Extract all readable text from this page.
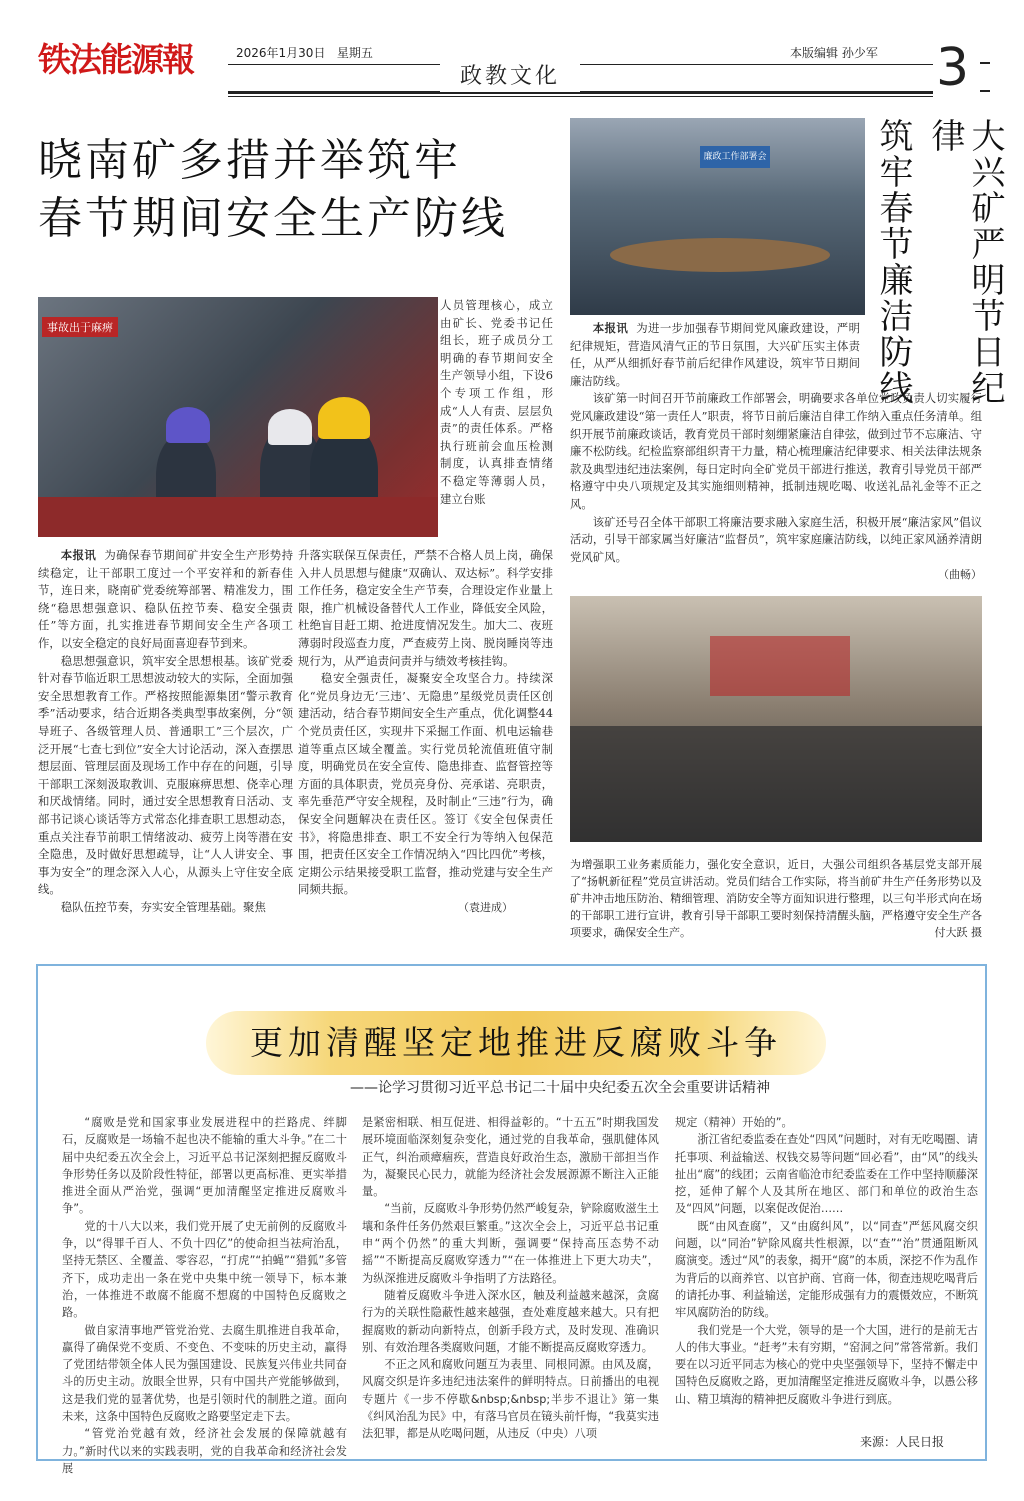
铁法能源報	2026年1月30日 星期五	本版编辑 孙少军
政教文化	3
晓南矿多措并举筑牢
春节期间安全生产防线
事故出于麻痹

人员管理核心，成立由矿长、党委书记任组长，班子成员分工明确的春节期间安全生产领导小组，下设6个专项工作组，形成“人人有责、层层负责”的责任体系。严格执行班前会血压检测制度，认真排查情绪不稳定等薄弱人员，建立台账

本报讯 为确保春节期间矿井安全生产形势持续稳定，让干部职工度过一个平安祥和的新春佳节，连日来，晓南矿党委统筹部署、精准发力，围绕“稳思想强意识、稳队伍控节奏、稳安全强责任”等方面，扎实推进春节期间安全生产各项工作，以安全稳定的良好局面喜迎春节到来。

稳思想强意识，筑牢安全思想根基。该矿党委针对春节临近职工思想波动较大的实际，全面加强安全思想教育工作。严格按照能源集团“警示教育季”活动要求，结合近期各类典型事故案例，分“领导班子、各级管理人员、普通职工”三个层次，广泛开展“七查七到位”安全大讨论活动，深入查摆思想层面、管理层面及现场工作中存在的问题，引导干部职工深刻汲取教训、克服麻痹思想、侥幸心理和厌战情绪。同时，通过安全思想教育日活动、支部书记谈心谈话等方式常态化排查职工思想动态，重点关注春节前职工情绪波动、疲劳上岗等潜在安全隐患，及时做好思想疏导，让“人人讲安全、事事为安全”的理念深入人心，从源头上守住安全底线。

稳队伍控节奏，夯实安全管理基础。聚焦

升落实联保互保责任，严禁不合格人员上岗，确保入井人员思想与健康“双确认、双达标”。科学安排工作任务，稳定安全生产节奏，合理设定作业量上限，推广机械设备替代人工作业，降低安全风险，杜绝盲目赶工期、抢进度情况发生。加大二、夜班薄弱时段巡查力度，严查疲劳上岗、脱岗睡岗等违规行为，从严追责问责并与绩效考核挂钩。

稳安全强责任，凝聚安全攻坚合力。持续深化“党员身边无‘三违’、无隐患”星级党员责任区创建活动，结合春节期间安全生产重点，优化调整44个党员责任区，实现井下采掘工作面、机电运输巷道等重点区域全覆盖。实行党员轮流值班值守制度，明确党员在安全宣传、隐患排查、监督管控等方面的具体职责，党员亮身份、亮承诺、亮职责，率先垂范严守安全规程，及时制止“三违”行为，确保安全问题解决在责任区。签订《安全包保责任书》，将隐患排查、职工不安全行为等纳入包保范围，把责任区安全工作情况纳入“四比四优”考核，定期公示结果接受职工监督，推动党建与安全生产同频共振。

（袁进成）
廉政工作部署会	大兴矿严明节日纪律
筑牢春节廉洁防线

本报讯 为进一步加强春节期间党风廉政建设，严明纪律规矩，营造风清气正的节日氛围，大兴矿压实主体责任，从严从细抓好春节前后纪律作风建设，筑牢节日期间廉洁防线。

该矿第一时间召开节前廉政工作部署会，明确要求各单位党政负责人切实履行党风廉政建设“第一责任人”职责，将节日前后廉洁自律工作纳入重点任务清单。组织开展节前廉政谈话，教育党员干部时刻绷紧廉洁自律弦，做到过节不忘廉洁、守廉不松防线。纪检监察部组织青干力量，精心梳理廉洁纪律要求、相关法律法规条款及典型违纪违法案例，每日定时向全矿党员干部进行推送，教育引导党员干部严格遵守中央八项规定及其实施细则精神，抵制违规吃喝、收送礼品礼金等不正之风。

该矿还号召全体干部职工将廉洁要求融入家庭生活，积极开展“廉洁家风”倡议活动，引导干部家属当好廉洁“监督员”，筑牢家庭廉洁防线，以纯正家风涵养清朗党风矿风。

（曲畅）
为增强职工业务素质能力，强化安全意识，近日，大强公司组织各基层党支部开展了“扬帆新征程”党员宣讲活动。党员们结合工作实际，将当前矿井生产任务形势以及矿井冲击地压防治、精细管理、消防安全等方面知识进行整理，以三句半形式向在场的干部职工进行宣讲，教育引导干部职工要时刻保持清醒头脑，严格遵守安全生产各项要求，确保安全生产。	付大跃 摄
更加清醒坚定地推进反腐败斗争
——论学习贯彻习近平总书记二十届中央纪委五次全会重要讲话精神

“腐败是党和国家事业发展进程中的拦路虎、绊脚石，反腐败是一场输不起也决不能输的重大斗争。”在二十届中央纪委五次全会上，习近平总书记深刻把握反腐败斗争形势任务以及阶段性特征，部署以更高标准、更实举措推进全面从严治党，强调“更加清醒坚定推进反腐败斗争”。

党的十八大以来，我们党开展了史无前例的反腐败斗争，以“得罪千百人、不负十四亿”的使命担当祛疴治乱，坚持无禁区、全覆盖、零容忍，“打虎”“拍蝇”“猎狐”多管齐下，成功走出一条在党中央集中统一领导下，标本兼治，一体推进不敢腐不能腐不想腐的中国特色反腐败之路。

做自家清事地严管党治党、去腐生肌推进自我革命，赢得了确保党不变质、不变色、不变味的历史主动，赢得了党团结带领全体人民为强国建设、民族复兴伟业共同奋斗的历史主动。放眼全世界，只有中国共产党能够做到，这是我们党的显著优势，也是引领时代的制胜之道。面向未来，这条中国特色反腐败之路要坚定走下去。

“管党治党越有效，经济社会发展的保障就越有力。”新时代以来的实践表明，党的自我革命和经济社会发展

是紧密相联、相互促进、相得益彰的。“十五五”时期我国发展环境面临深刻复杂变化，通过党的自我革命，强肌健体风正气，纠治顽瘴痼疾，营造良好政治生态，激励干部担当作为，凝聚民心民力，就能为经济社会发展源源不断注入正能量。

“当前，反腐败斗争形势仍然严峻复杂，铲除腐败滋生土壤和条件任务仍然艰巨繁重。”这次全会上，习近平总书记重申“两个仍然”的重大判断，强调要“保持高压态势不动摇”“不断提高反腐败穿透力”“在一体推进上下更大功夫”，为纵深推进反腐败斗争指明了方法路径。

随着反腐败斗争进入深水区，触及利益越来越深，贪腐行为的关联性隐蔽性越来越强，查处难度越来越大。只有把握腐败的新动向新特点，创新手段方式，及时发现、准确识别、有效治理各类腐败问题，才能不断提高反腐败穿透力。

不正之风和腐败问题互为表里、同根同源。由风及腐，风腐交织是许多违纪违法案件的鲜明特点。日前播出的电视专题片《一步不停歇&nbsp;&nbsp;半步不退让》第一集《纠风治乱为民》中，有落马官员在镜头前忏悔，“我莫实违法犯罪，都是从吃喝问题，从违反（中央）八项

规定（精神）开始的”。

浙江省纪委监委在查处“四风”问题时，对有无吃喝圈、请托事项、利益输送、权钱交易等问题“回必看”，由“风”的线头扯出“腐”的线团；云南省临沧市纪委监委在工作中坚持顺藤深挖，延伸了解个人及其所在地区、部门和单位的政治生态及“四风”问题，以案促改促治……

既“由风查腐”，又“由腐纠风”，以“同查”严惩风腐交织问题，以“同治”铲除风腐共性根源，以“查”“治”贯通阻断风腐演变。透过“风”的表象，揭开“腐”的本质，深挖不作为乱作为背后的以商养官、以官护商、官商一体，彻查违规吃喝背后的请托办事、利益输送，定能形成强有力的震慑效应，不断筑牢风腐防治的防线。

我们党是一个大党，领导的是一个大国，进行的是前无古人的伟大事业。“赶考”未有穷期，“窑洞之问”常答常新。我们要在以习近平同志为核心的党中央坚强领导下，坚持不懈走中国特色反腐败之路，更加清醒坚定推进反腐败斗争，以愚公移山、精卫填海的精神把反腐败斗争进行到底。

来源：人民日报
